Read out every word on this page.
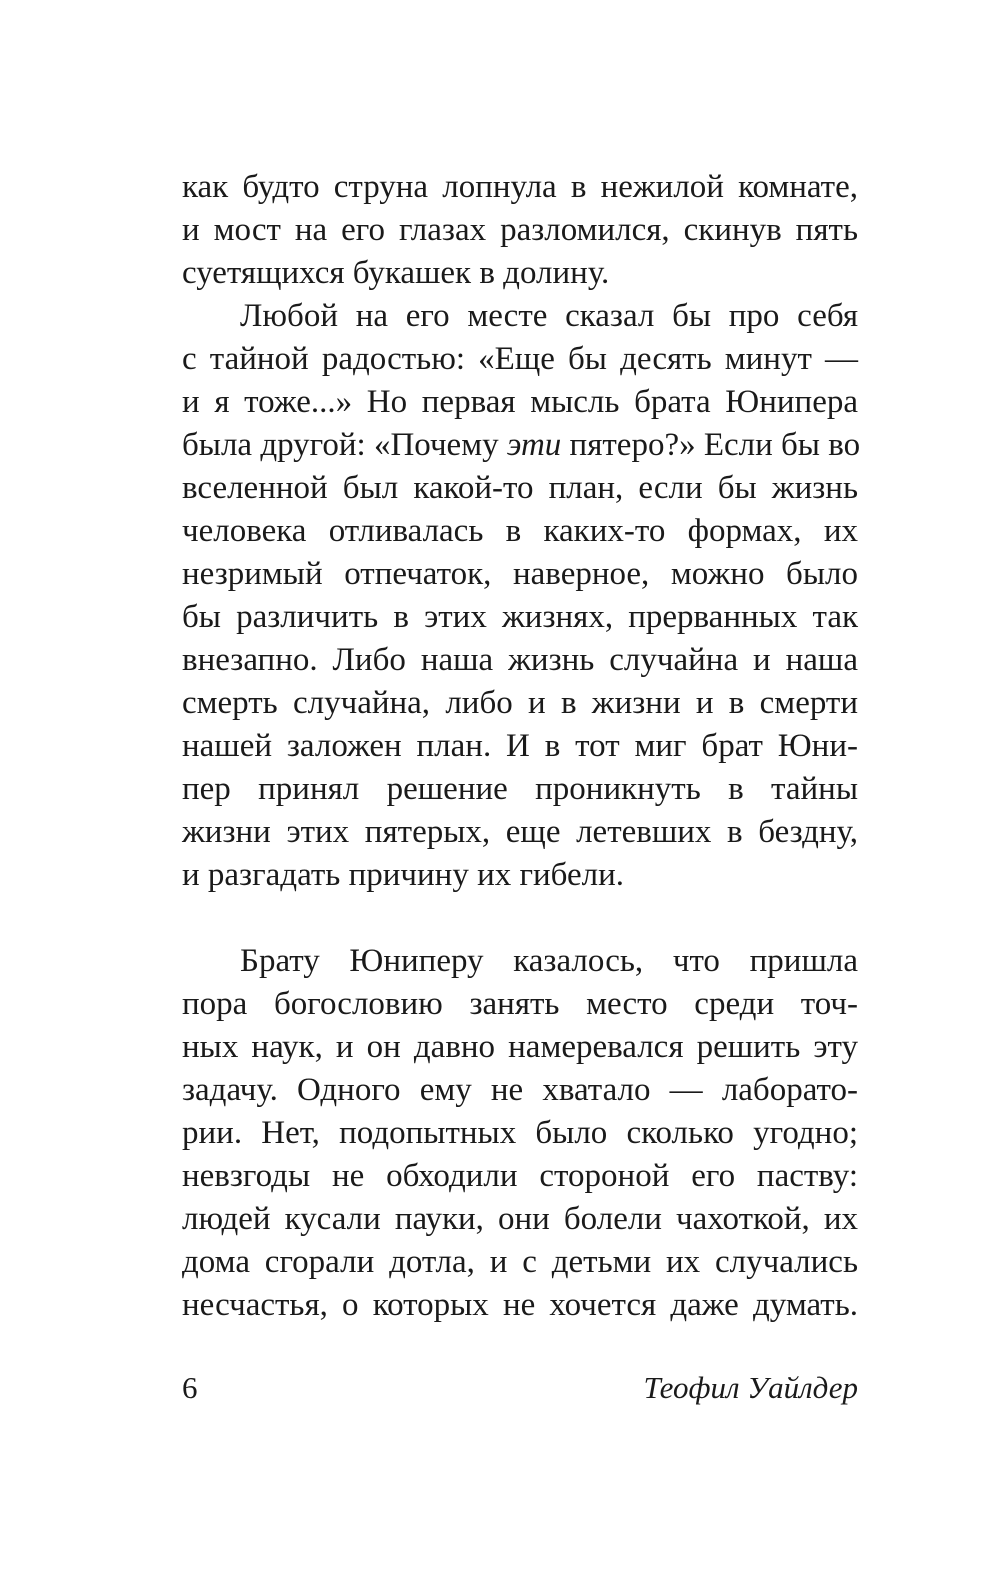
как будто струна лопнула в нежилой комнате,
и мост на его глазах разломился, скинув пять
суетящихся букашек в долину.
Любой на его месте сказал бы про себя
с тайной радостью: «Еще бы десять минут —
и я тоже...» Но первая мысль брата Юнипера
была другой: «Почему эти пятеро?» Если бы во
вселенной был какой-то план, если бы жизнь
человека отливалась в каких-то формах, их
незримый отпечаток, наверное, можно было
бы различить в этих жизнях, прерванных так
внезапно. Либо наша жизнь случайна и наша
смерть случайна, либо и в жизни и в смерти
нашей заложен план. И в тот миг брат Юни-
пер принял решение проникнуть в тайны
жизни этих пятерых, еще летевших в бездну,
и разгадать причину их гибели.
Брату Юниперу казалось, что пришла
пора богословию занять место среди точ-
ных наук, и он давно намеревался решить эту
задачу. Одного ему не хватало — лаборато-
рии. Нет, подопытных было сколько угодно;
невзгоды не обходили стороной его паству:
людей кусали пауки, они болели чахоткой, их
дома сгорали дотла, и с детьми их случались
несчастья, о которых не хочется даже думать.
6	Теофил Уайлдер
